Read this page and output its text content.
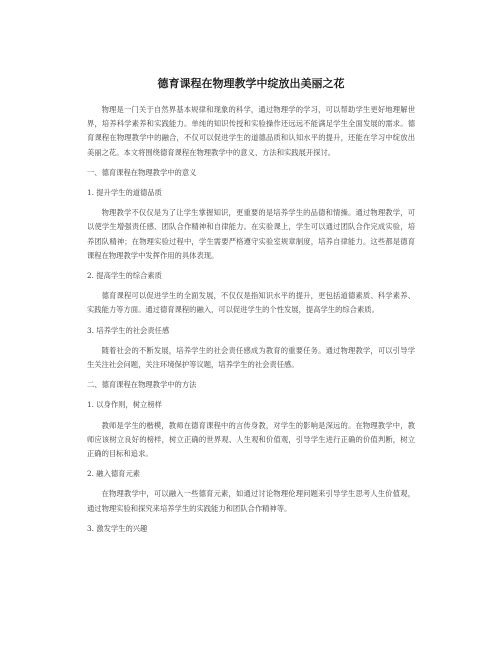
德育课程在物理教学中绽放出美丽之花

物理是一门关于自然界基本规律和现象的科学，通过物理学的学习，可以帮助学生更好地理解世界，培养科学素养和实践能力。单纯的知识传授和实验操作还远远不能满足学生全面发展的需求。德育课程在物理教学中的融合，不仅可以促进学生的道德品质和认知水平的提升，还能在学习中绽放出美丽之花。本文将围绕德育课程在物理教学中的意义、方法和实践展开探讨。

一、德育课程在物理教学中的意义

1. 提升学生的道德品质

物理教学不仅仅是为了让学生掌握知识，更重要的是培养学生的品德和情操。通过物理教学，可以使学生增强责任感、团队合作精神和自律能力。在实验课上，学生可以通过团队合作完成实验，培养团队精神；在物理实验过程中，学生需要严格遵守实验室规章制度，培养自律能力。这些都是德育课程在物理教学中发挥作用的具体表现。

2. 提高学生的综合素质

德育课程可以促进学生的全面发展，不仅仅是指知识水平的提升，更包括道德素质、科学素养、实践能力等方面。通过德育课程的融入，可以促进学生的个性发展，提高学生的综合素质。

3. 培养学生的社会责任感

随着社会的不断发展，培养学生的社会责任感成为教育的重要任务。通过物理教学，可以引导学生关注社会问题，关注环境保护等议题，培养学生的社会责任感。

二、德育课程在物理教学中的方法

1. 以身作则，树立榜样

教师是学生的楷模，教师在德育课程中的言传身教，对学生的影响是深远的。在物理教学中，教师应该树立良好的榜样，树立正确的世界观、人生观和价值观，引导学生进行正确的价值判断，树立正确的目标和追求。

2. 融入德育元素

在物理教学中，可以融入一些德育元素，如通过讨论物理伦理问题来引导学生思考人生价值观，通过物理实验和探究来培养学生的实践能力和团队合作精神等。

3. 激发学生的兴趣
